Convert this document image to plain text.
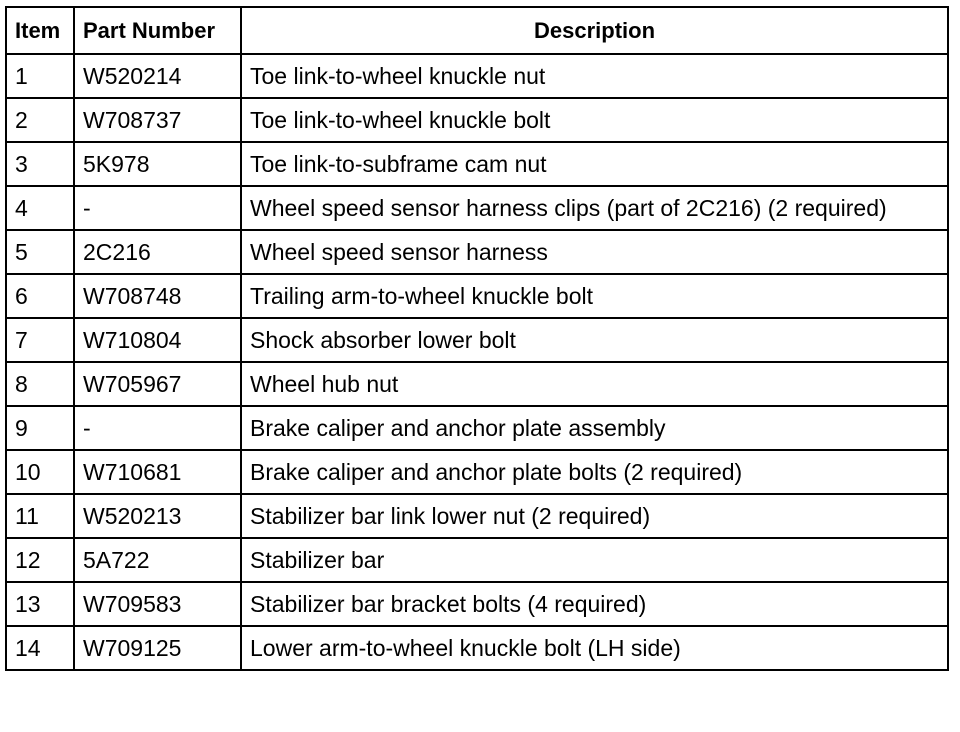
Item	Part Number	Description
1	W520214	Toe link-to-wheel knuckle nut
2	W708737	Toe link-to-wheel knuckle bolt
3	5K978	Toe link-to-subframe cam nut
4	-	Wheel speed sensor harness clips (part of 2C216) (2 required)
5	2C216	Wheel speed sensor harness
6	W708748	Trailing arm-to-wheel knuckle bolt
7	W710804	Shock absorber lower bolt
8	W705967	Wheel hub nut
9	-	Brake caliper and anchor plate assembly
10	W710681	Brake caliper and anchor plate bolts (2 required)
11	W520213	Stabilizer bar link lower nut (2 required)
12	5A722	Stabilizer bar
13	W709583	Stabilizer bar bracket bolts (4 required)
14	W709125	Lower arm-to-wheel knuckle bolt (LH side)
